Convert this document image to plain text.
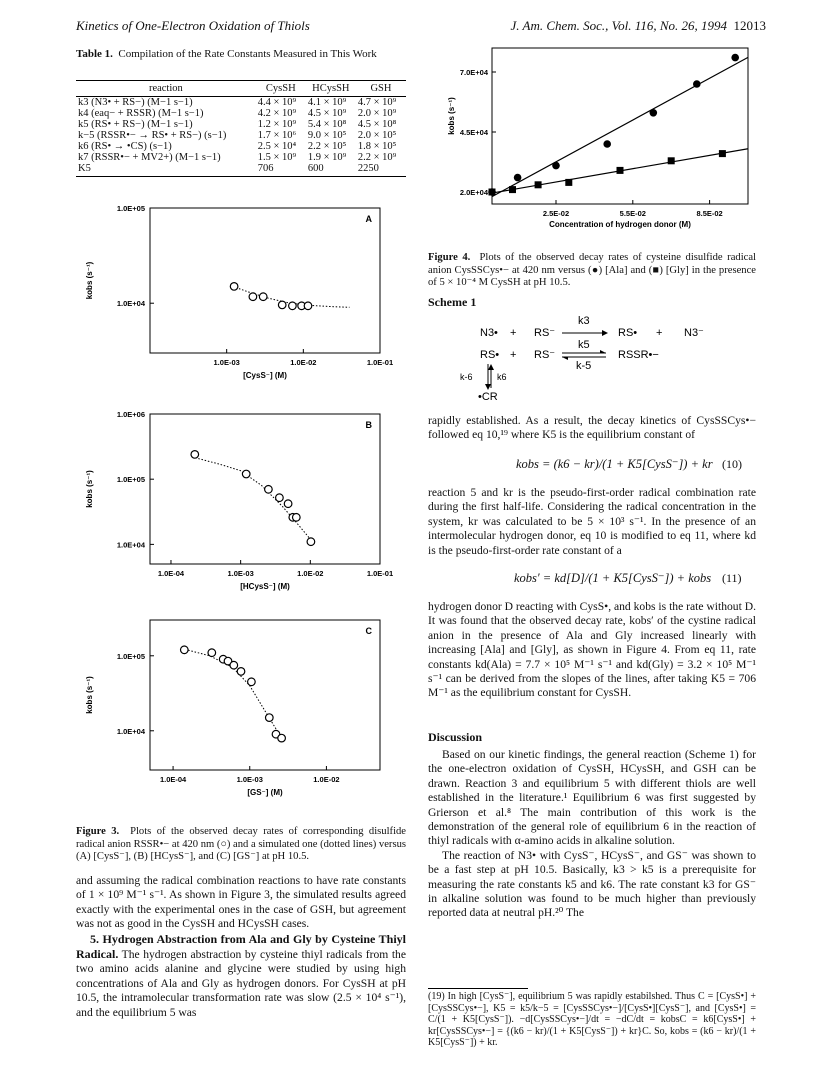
Kinetics of One-Electron Oxidation of Thiols	J. Am. Chem. Soc., Vol. 116, No. 26, 1994 12013
Table 1. Compilation of the Rate Constants Measured in This Work
reaction	CysSH	HCysSH	GSH
k3 (N3• + RS−) (M−1 s−1)	4.4 × 10⁹	4.1 × 10⁹	4.7 × 10⁹
k4 (eaq− + RSSR) (M−1 s−1)	4.2 × 10⁹	4.5 × 10⁹	2.0 × 10⁹
k5 (RS• + RS−) (M−1 s−1)	1.2 × 10⁹	5.4 × 10⁸	4.5 × 10⁸
k−5 (RSSR•− → RS• + RS−) (s−1)	1.7 × 10⁶	9.0 × 10⁵	2.0 × 10⁵
k6 (RS• → •CS) (s−1)	2.5 × 10⁴	2.2 × 10⁵	1.8 × 10⁵
k7 (RSSR•− + MV2+) (M−1 s−1)	1.5 × 10⁹	1.9 × 10⁹	2.2 × 10⁹
K5	706	600	2250
A
1.0E-03	1.0E-02	1.0E-01
1.0E+04
1.0E+05
[CysS⁻] (M)
kobs (s⁻¹)
B
1.0E-04	1.0E-03	1.0E-02	1.0E-01
1.0E+04
1.0E+05
1.0E+06
[HCysS⁻] (M)
kobs (s⁻¹)
C
1.0E-04	1.0E-03	1.0E-02
1.0E+04
1.0E+05
[GS⁻] (M)
kobs (s⁻¹)
Figure 3. Plots of the observed decay rates of corresponding disulfide radical anion RSSR•− at 420 nm (○) and a simulated one (dotted lines) versus (A) [CysS⁻], (B) [HCysS⁻], and (C) [GS⁻] at pH 10.5.

and assuming the radical combination reactions to have rate constants of 1 × 10⁹ M⁻¹ s⁻¹. As shown in Figure 3, the simulated results agreed exactly with the experimental ones in the case of GSH, but agreement was not as good in the CysSH and HCysSH cases.

5. Hydrogen Abstraction from Ala and Gly by Cysteine Thiyl Radical. The hydrogen abstraction by cysteine thiyl radicals from the two amino acids alanine and glycine were studied by using high concentrations of Ala and Gly as hydrogen donors. For CysSH at pH 10.5, the intramolecular transformation rate was slow (2.5 × 10⁴ s⁻¹), and the equilibrium 5 was

2.5E-02	5.5E-02	8.5E-02
2.0E+04
4.5E+04
7.0E+04
Concentration of hydrogen donor (M)
kobs (s⁻¹)
Figure 4. Plots of the observed decay rates of cysteine disulfide radical anion CysSSCys•− at 420 nm versus (●) [Ala] and (■) [Gly] in the presence of 5 × 10⁻⁴ M CysSH at pH 10.5.
Scheme 1
N3• + RS⁻
k3
RS• + N3⁻
RS• + RS⁻
k5
k-5
RSSR•−
k-6	k6
•CR
rapidly established. As a result, the decay kinetics of CysSSCys•− followed eq 10,¹⁹ where K5 is the equilibrium constant of
kobs = (k6 − kr)/(1 + K5[CysS⁻]) + kr (10)
reaction 5 and kr is the pseudo-first-order radical combination rate during the first half-life. Considering the radical concentration in the system, kr was calculated to be 5 × 10³ s⁻¹. In the presence of an intermolecular hydrogen donor, eq 10 is modified to eq 11, where kd is the pseudo-first-order rate constant of a
kobs′ = kd[D]/(1 + K5[CysS⁻]) + kobs (11)
hydrogen donor D reacting with CysS•, and kobs is the rate without D. It was found that the observed decay rate, kobs′ of the cystine radical anion in the presence of Ala and Gly increased linearly with increasing [Ala] and [Gly], as shown in Figure 4. From eq 11, rate constants kd(Ala) = 7.7 × 10⁵ M⁻¹ s⁻¹ and kd(Gly) = 3.2 × 10⁵ M⁻¹ s⁻¹ can be derived from the slopes of the lines, after taking K5 = 706 M⁻¹ as the equilibrium constant for CysSH.
Discussion

Based on our kinetic findings, the general reaction (Scheme 1) for the one-electron oxidation of CysSH, HCysSH, and GSH can be drawn. Reaction 3 and equilibrium 5 with different thiols are well established in the literature.¹ Equilibrium 6 was first suggested by Grierson et al.⁸ The main contribution of this work is the demonstration of the general role of equilibrium 6 in the reaction of thiyl radicals with α-amino acids in alkaline solution.

The reaction of N3• with CysS⁻, HCysS⁻, and GS⁻ was shown to be a fast step at pH 10.5. Basically, k3 > k5 is a prerequisite for measuring the rate constants k5 and k6. The rate constant k3 for GS⁻ in alkaline solution was found to be much higher than previously reported data at neutral pH.²⁰ The

(19) In high [CysS⁻], equilibrium 5 was rapidly estabilshed. Thus C = [CysS•] + [CysSSCys•−], K5 = k5/k−5 = [CysSSCys•−]/[CysS•][CysS⁻], and [CysS•] = C/(1 + K5[CysS⁻]). −d[CysSSCys•−]/dt = −dC/dt = kobsC = k6[CysS•] + kr[CysSSCys•−] = {(k6 − kr)/(1 + K5[CysS⁻]) + kr}C. So, kobs = (k6 − kr)/(1 + K5[CysS⁻]) + kr.
